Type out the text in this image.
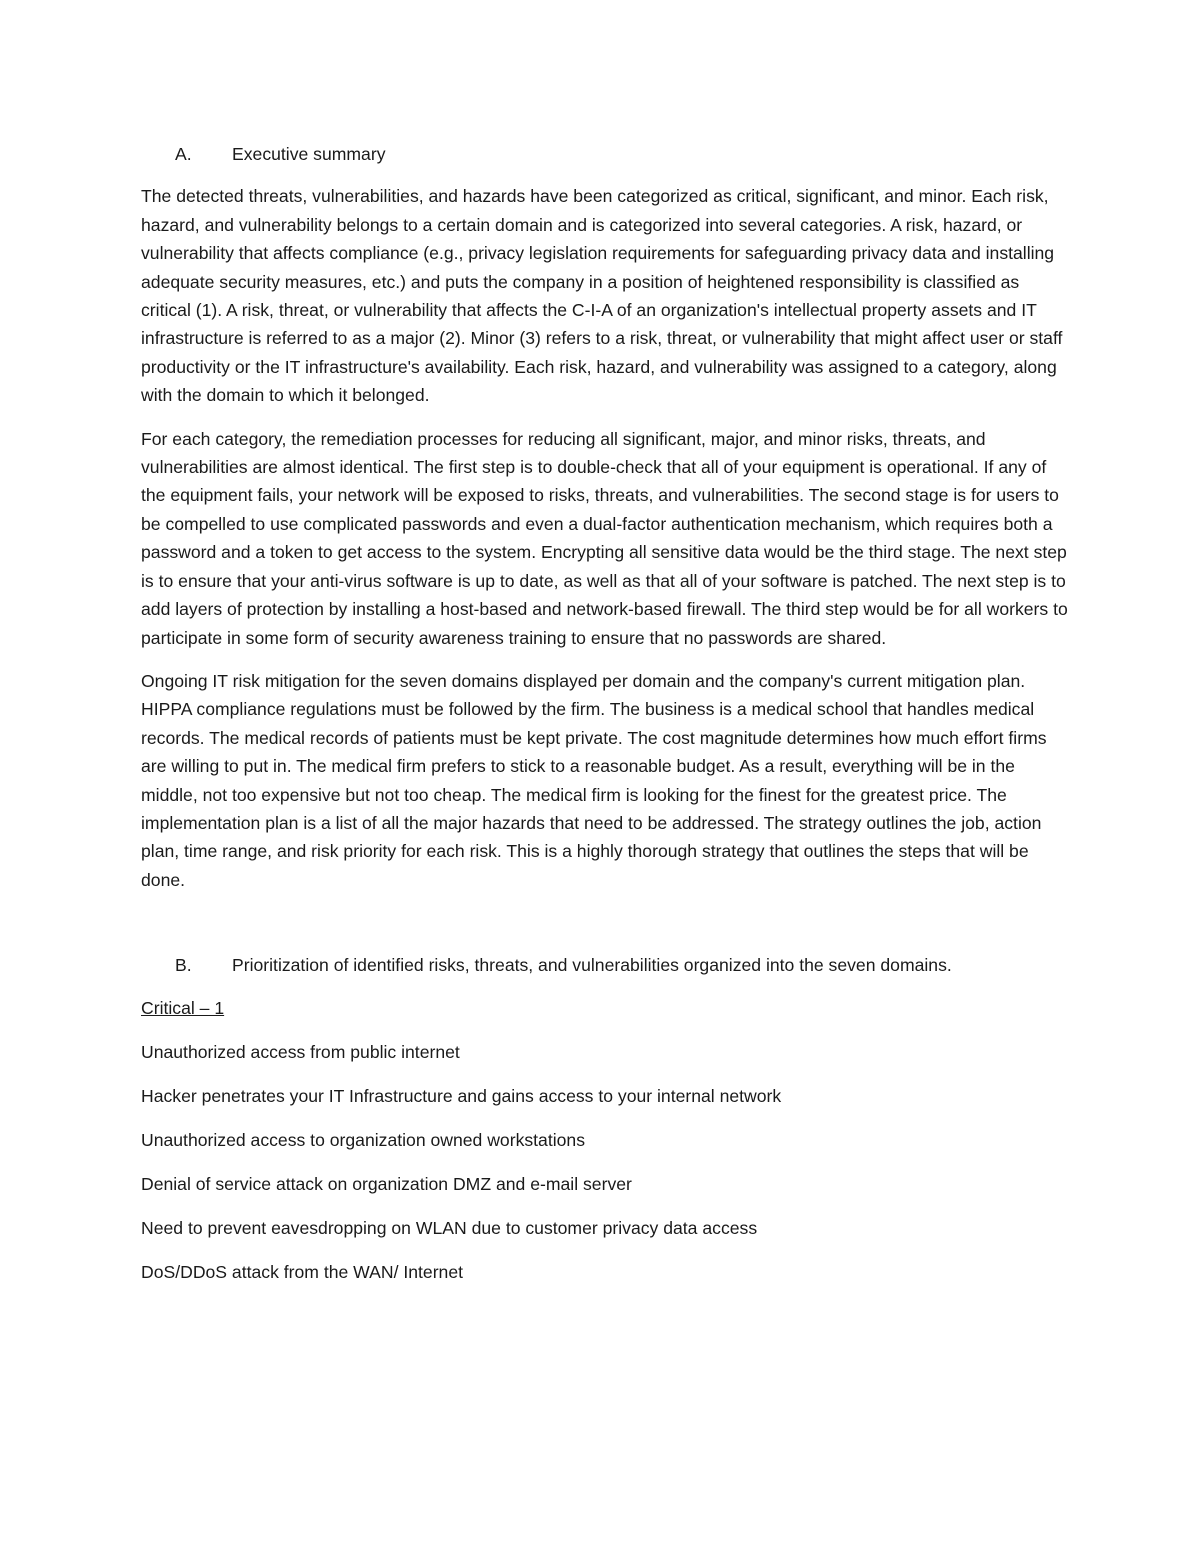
A.	Executive summary

The detected threats, vulnerabilities, and hazards have been categorized as critical, significant, and minor. Each risk, hazard, and vulnerability belongs to a certain domain and is categorized into several categories. A risk, hazard, or vulnerability that affects compliance (e.g., privacy legislation requirements for safeguarding privacy data and installing adequate security measures, etc.) and puts the company in a position of heightened responsibility is classified as critical (1). A risk, threat, or vulnerability that affects the C-I-A of an organization's intellectual property assets and IT infrastructure is referred to as a major (2). Minor (3) refers to a risk, threat, or vulnerability that might affect user or staff productivity or the IT infrastructure's availability. Each risk, hazard, and vulnerability was assigned to a category, along with the domain to which it belonged.

For each category, the remediation processes for reducing all significant, major, and minor risks, threats, and vulnerabilities are almost identical. The first step is to double-check that all of your equipment is operational. If any of the equipment fails, your network will be exposed to risks, threats, and vulnerabilities. The second stage is for users to be compelled to use complicated passwords and even a dual-factor authentication mechanism, which requires both a password and a token to get access to the system. Encrypting all sensitive data would be the third stage. The next step is to ensure that your anti-virus software is up to date, as well as that all of your software is patched. The next step is to add layers of protection by installing a host-based and network-based firewall. The third step would be for all workers to participate in some form of security awareness training to ensure that no passwords are shared.

Ongoing IT risk mitigation for the seven domains displayed per domain and the company's current mitigation plan. HIPPA compliance regulations must be followed by the firm. The business is a medical school that handles medical records. The medical records of patients must be kept private. The cost magnitude determines how much effort firms are willing to put in. The medical firm prefers to stick to a reasonable budget. As a result, everything will be in the middle, not too expensive but not too cheap. The medical firm is looking for the finest for the greatest price. The implementation plan is a list of all the major hazards that need to be addressed. The strategy outlines the job, action plan, time range, and risk priority for each risk. This is a highly thorough strategy that outlines the steps that will be done.

B.	Prioritization of identified risks, threats, and vulnerabilities organized into the seven domains.
Critical – 1
Unauthorized access from public internet
Hacker penetrates your IT Infrastructure and gains access to your internal network
Unauthorized access to organization owned workstations
Denial of service attack on organization DMZ and e-mail server
Need to prevent eavesdropping on WLAN due to customer privacy data access
DoS/DDoS attack from the WAN/ Internet
